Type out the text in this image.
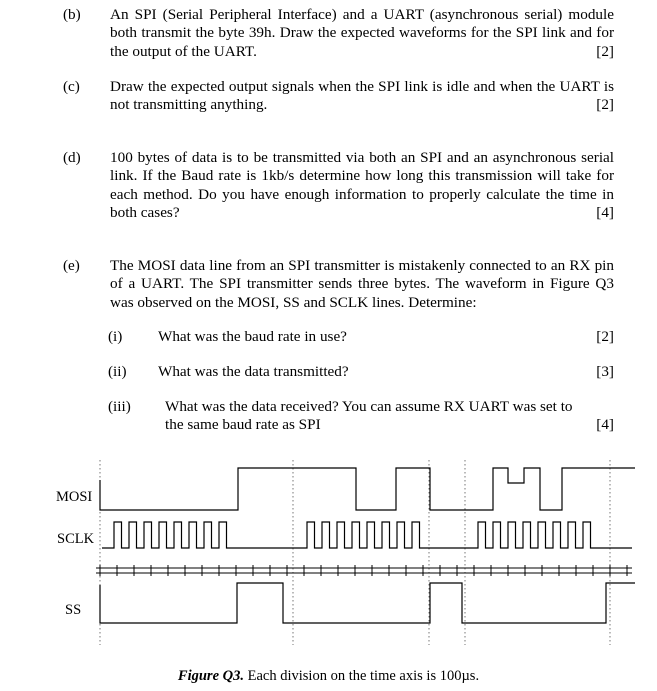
(b) An SPI (Serial Peripheral Interface) and a UART (asynchronous serial) module both transmit the byte 39h. Draw the expected waveforms for the SPI link and for the output of the UART.	[2]
(c) Draw the expected output signals when the SPI link is idle and when the UART is not transmitting anything.	[2]
(d) 100 bytes of data is to be transmitted via both an SPI and an asynchronous serial link. If the Baud rate is 1kb/s determine how long this transmission will take for each method. Do you have enough information to properly calculate the time in both cases?	[4]
(e) The MOSI data line from an SPI transmitter is mistakenly connected to an RX pin of a UART. The SPI transmitter sends three bytes. The waveform in Figure Q3 was observed on the MOSI, SS and SCLK lines. Determine:
(i) What was the baud rate in use?	[2]
(ii) What was the data transmitted?	[3]
(iii) What was the data received? You can assume RX UART was set to
the same baud rate as SPI	[4]
MOSI
SCLK
SS
Figure Q3. Each division on the time axis is 100µs.
